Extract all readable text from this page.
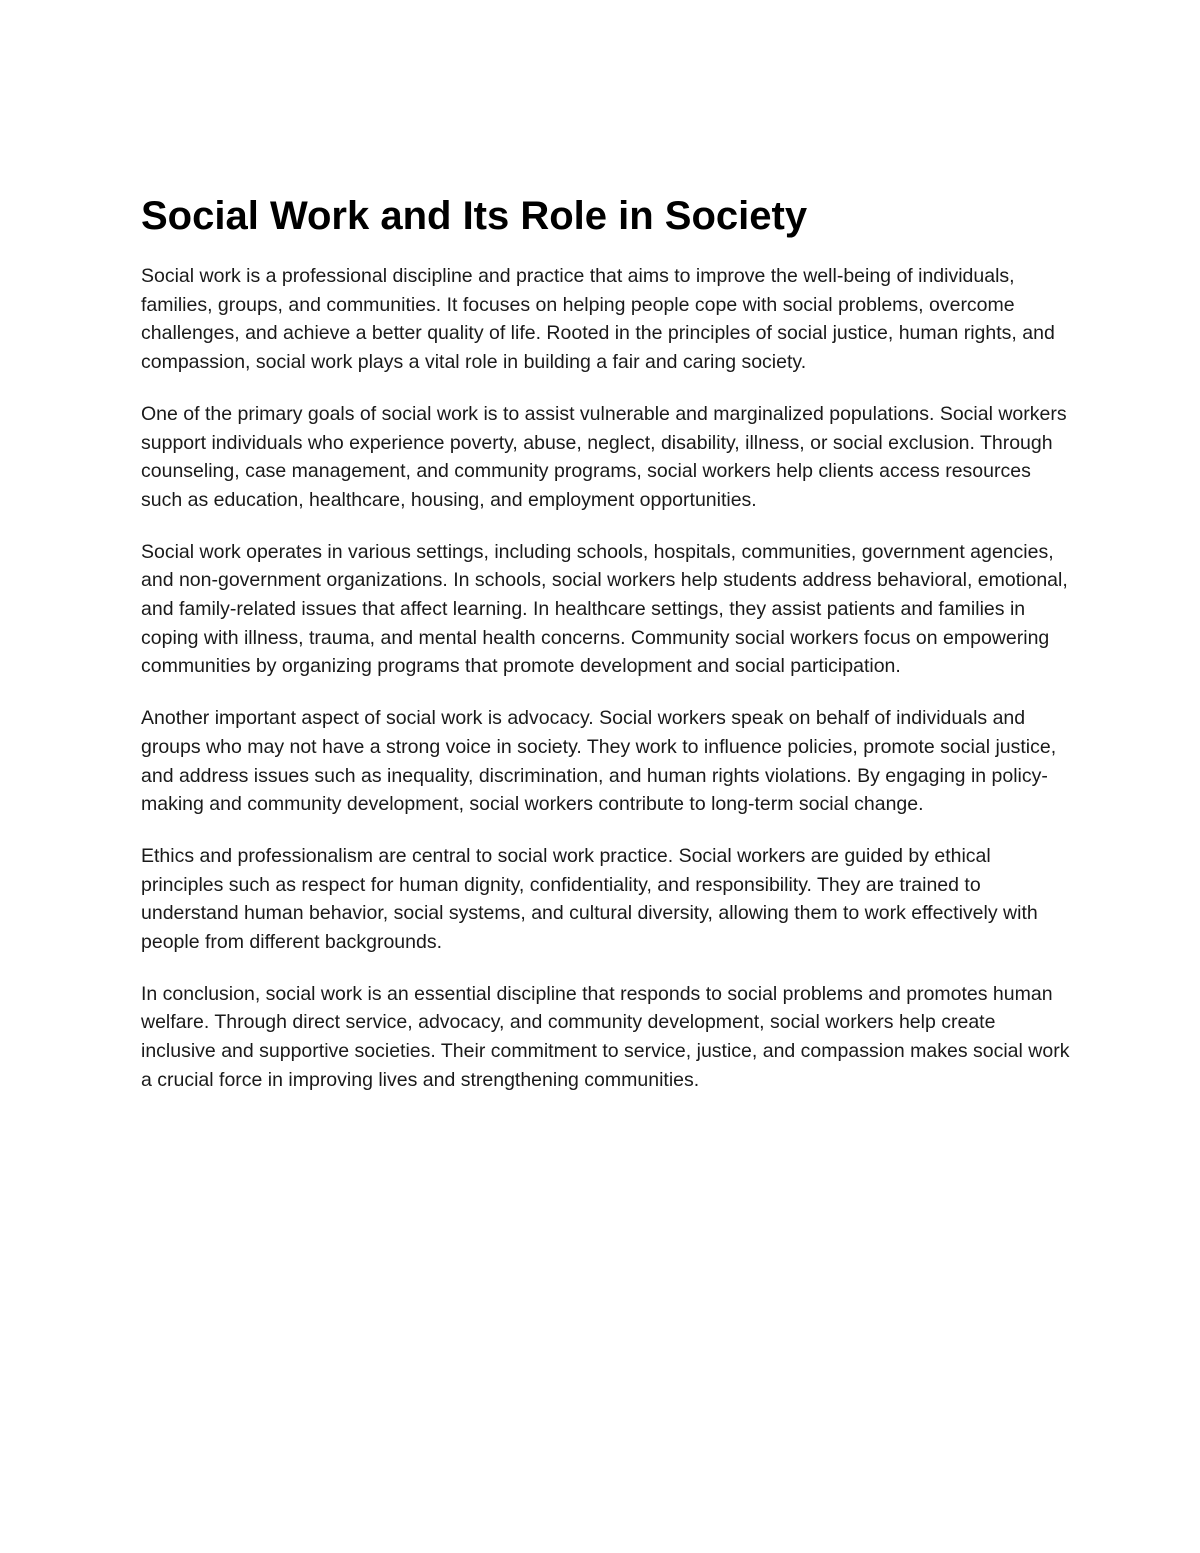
Social Work and Its Role in Society

Social work is a professional discipline and practice that aims to improve the well-being of individuals, families, groups, and communities. It focuses on helping people cope with social problems, overcome challenges, and achieve a better quality of life. Rooted in the principles of social justice, human rights, and compassion, social work plays a vital role in building a fair and caring society.

One of the primary goals of social work is to assist vulnerable and marginalized populations. Social workers support individuals who experience poverty, abuse, neglect, disability, illness, or social exclusion. Through counseling, case management, and community programs, social workers help clients access resources such as education, healthcare, housing, and employment opportunities.

Social work operates in various settings, including schools, hospitals, communities, government agencies, and non-government organizations. In schools, social workers help students address behavioral, emotional, and family-related issues that affect learning. In healthcare settings, they assist patients and families in coping with illness, trauma, and mental health concerns. Community social workers focus on empowering communities by organizing programs that promote development and social participation.

Another important aspect of social work is advocacy. Social workers speak on behalf of individuals and groups who may not have a strong voice in society. They work to influence policies, promote social justice, and address issues such as inequality, discrimination, and human rights violations. By engaging in policy-making and community development, social workers contribute to long-term social change.

Ethics and professionalism are central to social work practice. Social workers are guided by ethical principles such as respect for human dignity, confidentiality, and responsibility. They are trained to understand human behavior, social systems, and cultural diversity, allowing them to work effectively with people from different backgrounds.

In conclusion, social work is an essential discipline that responds to social problems and promotes human welfare. Through direct service, advocacy, and community development, social workers help create inclusive and supportive societies. Their commitment to service, justice, and compassion makes social work a crucial force in improving lives and strengthening communities.
